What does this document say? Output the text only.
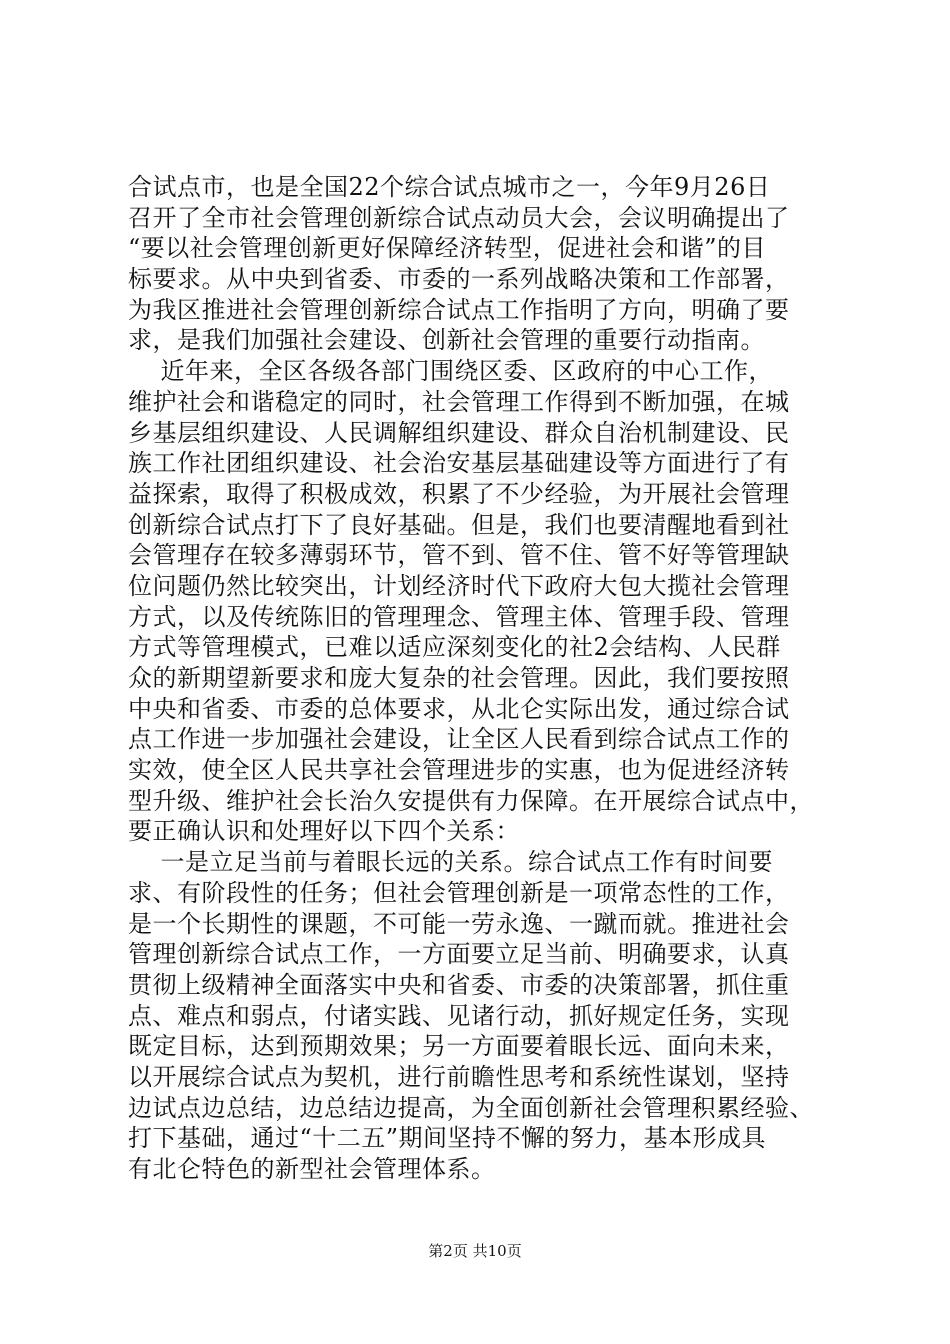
合试点市，也是全国22个综合试点城市之一，今年9月26日
召开了全市社会管理创新综合试点动员大会，会议明确提出了
“要以社会管理创新更好保障经济转型，促进社会和谐”的目
标要求。从中央到省委、市委的一系列战略决策和工作部署，
为我区推进社会管理创新综合试点工作指明了方向，明确了要
求，是我们加强社会建设、创新社会管理的重要行动指南。
近年来，全区各级各部门围绕区委、区政府的中心工作，
维护社会和谐稳定的同时，社会管理工作得到不断加强，在城
乡基层组织建设、人民调解组织建设、群众自治机制建设、民
族工作社团组织建设、社会治安基层基础建设等方面进行了有
益探索，取得了积极成效，积累了不少经验，为开展社会管理
创新综合试点打下了良好基础。但是，我们也要清醒地看到社
会管理存在较多薄弱环节，管不到、管不住、管不好等管理缺
位问题仍然比较突出，计划经济时代下政府大包大揽社会管理
方式，以及传统陈旧的管理理念、管理主体、管理手段、管理
方式等管理模式，已难以适应深刻变化的社2会结构、人民群
众的新期望新要求和庞大复杂的社会管理。因此，我们要按照
中央和省委、市委的总体要求，从北仑实际出发，通过综合试
点工作进一步加强社会建设，让全区人民看到综合试点工作的
实效，使全区人民共享社会管理进步的实惠，也为促进经济转
型升级、维护社会长治久安提供有力保障。在开展综合试点中，
要正确认识和处理好以下四个关系：
一是立足当前与着眼长远的关系。综合试点工作有时间要
求、有阶段性的任务；但社会管理创新是一项常态性的工作，
是一个长期性的课题，不可能一劳永逸、一蹴而就。推进社会
管理创新综合试点工作，一方面要立足当前、明确要求，认真
贯彻上级精神全面落实中央和省委、市委的决策部署，抓住重
点、难点和弱点，付诸实践、见诸行动，抓好规定任务，实现
既定目标，达到预期效果；另一方面要着眼长远、面向未来，
以开展综合试点为契机，进行前瞻性思考和系统性谋划，坚持
边试点边总结，边总结边提高，为全面创新社会管理积累经验、
打下基础，通过“十二五”期间坚持不懈的努力，基本形成具
有北仑特色的新型社会管理体系。
第2页 共10页
